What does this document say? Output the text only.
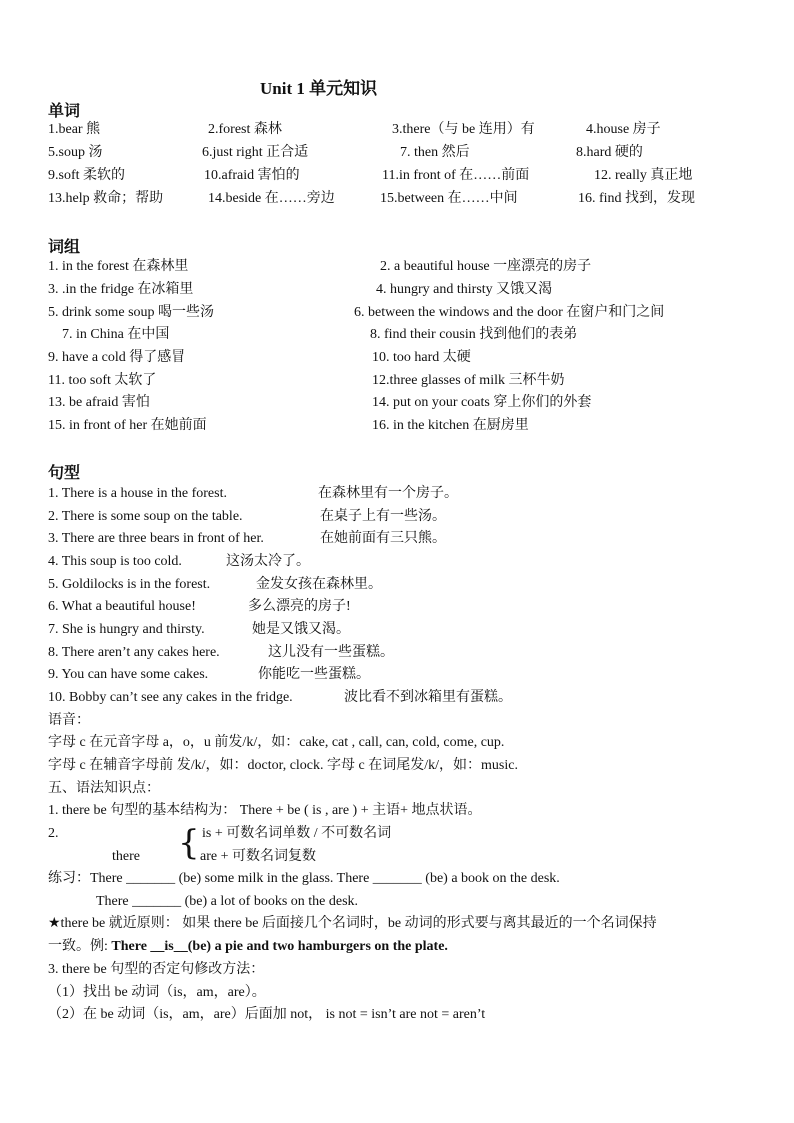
Unit 1 单元知识
单词
1.bear 熊	2.forest 森林	3.there（与 be 连用）有	4.house 房子
5.soup 汤	6.just right 正合适	7. then 然后	8.hard 硬的
9.soft 柔软的	10.afraid 害怕的	11.in front of 在……前面	12. really 真正地
13.help 救命；帮助	14.beside 在……旁边	15.between 在……中间	16. find 找到，发现
词组
1. in the forest 在森林里	2. a beautiful house 一座漂亮的房子
3. .in the fridge 在冰箱里	4. hungry and thirsty 又饿又渴
5. drink some soup 喝一些汤	6. between the windows and the door 在窗户和门之间
7. in China 在中国	8. find their cousin 找到他们的表弟
9. have a cold 得了感冒	10. too hard 太硬
11. too soft 太软了	12.three glasses of milk 三杯牛奶
13. be afraid 害怕	14. put on your coats 穿上你们的外套
15. in front of her 在她前面	16. in the kitchen 在厨房里
句型
1. There is a house in the forest.	在森林里有一个房子。
2. There is some soup on the table.	在桌子上有一些汤。
3. There are three bears in front of her.	在她前面有三只熊。
4. This soup is too cold.	这汤太冷了。
5. Goldilocks is in the forest.	金发女孩在森林里。
6. What a beautiful house!	多么漂亮的房子!
7. She is hungry and thirsty.	她是又饿又渴。
8. There aren’t any cakes here.	这儿没有一些蛋糕。
9. You can have some cakes.	你能吃一些蛋糕。
10. Bobby can’t see any cakes in the fridge.	波比看不到冰箱里有蛋糕。
语音：
字母 c 在元音字母 a，o，u 前发/k/，如：cake, cat , call, can, cold, come, cup.
字母 c 在辅音字母前 发/k/，如：doctor, clock. 字母 c 在词尾发/k/，如：music.
五、语法知识点：
1. there be 句型的基本结构为： There + be ( is , are ) + 主语+ 地点状语。
2.	{ is + 可数名词单数 / 不可数名词
there	are + 可数名词复数
练习：There _______ (be) some milk in the glass. There _______ (be) a book on the desk.
There _______ (be) a lot of books on the desk.
★there be 就近原则： 如果 there be 后面接几个名词时，be 动词的形式要与离其最近的一个名词保持
一致。例: There __is__(be) a pie and two hamburgers on the plate.
3. there be 句型的否定句修改方法：
（1）找出 be 动词（is，am，are）。
（2）在 be 动词（is，am，are）后面加 not， is not = isn’t are not = aren’t
